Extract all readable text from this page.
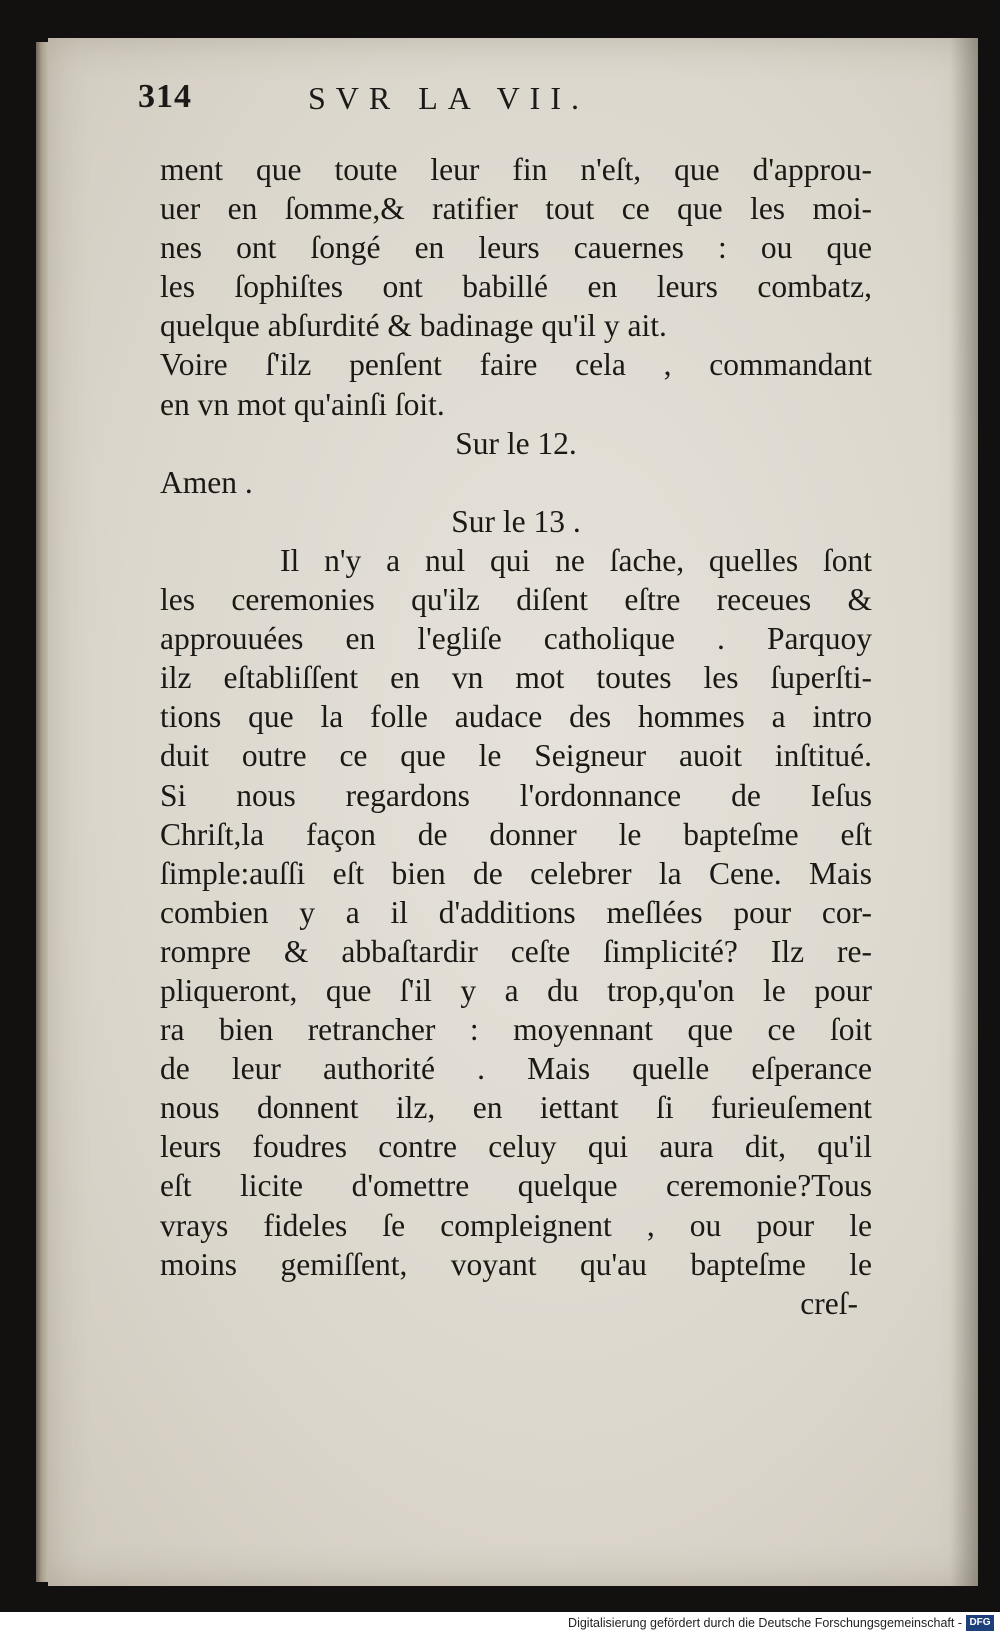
314	SVR LA VII.
ment que toute leur fin n'eſt, que d'approu-
uer en ſomme,& ratifier tout ce que les moi-
nes ont ſongé en leurs cauernes : ou que
les ſophiſtes ont babillé en leurs combatz,
quelque abſurdité & badinage qu'il y ait.
Voire ſ'ilz penſent faire cela , commandant
en vn mot qu'ainſi ſoit.
Sur le 12.
Amen .
Sur le 13 .
Il n'y a nul qui ne ſache, quelles ſont
les ceremonies qu'ilz diſent eſtre receues &
approuuées en l'egliſe catholique . Parquoy
ilz eſtabliſſent en vn mot toutes les ſuperſti-
tions que la folle audace des hommes a intro
duit outre ce que le Seigneur auoit inſtitué.
Si nous regardons l'ordonnance de Ieſus
Chriſt,la façon de donner le bapteſme eſt
ſimple:auſſi eſt bien de celebrer la Cene. Mais
combien y a il d'additions meſlées pour cor-
rompre & abbaſtardir ceſte ſimplicité? Ilz re-
pliqueront, que ſ'il y a du trop,qu'on le pour
ra bien retrancher : moyennant que ce ſoit
de leur authorité . Mais quelle eſperance
nous donnent ilz, en iettant ſi furieuſement
leurs foudres contre celuy qui aura dit, qu'il
eſt licite d'omettre quelque ceremonie?Tous
vrays fideles ſe compleignent , ou pour le
moins gemiſſent, voyant qu'au bapteſme le
creſ-
Digitalisierung gefördert durch die Deutsche Forschungsgemeinschaft - DFG
